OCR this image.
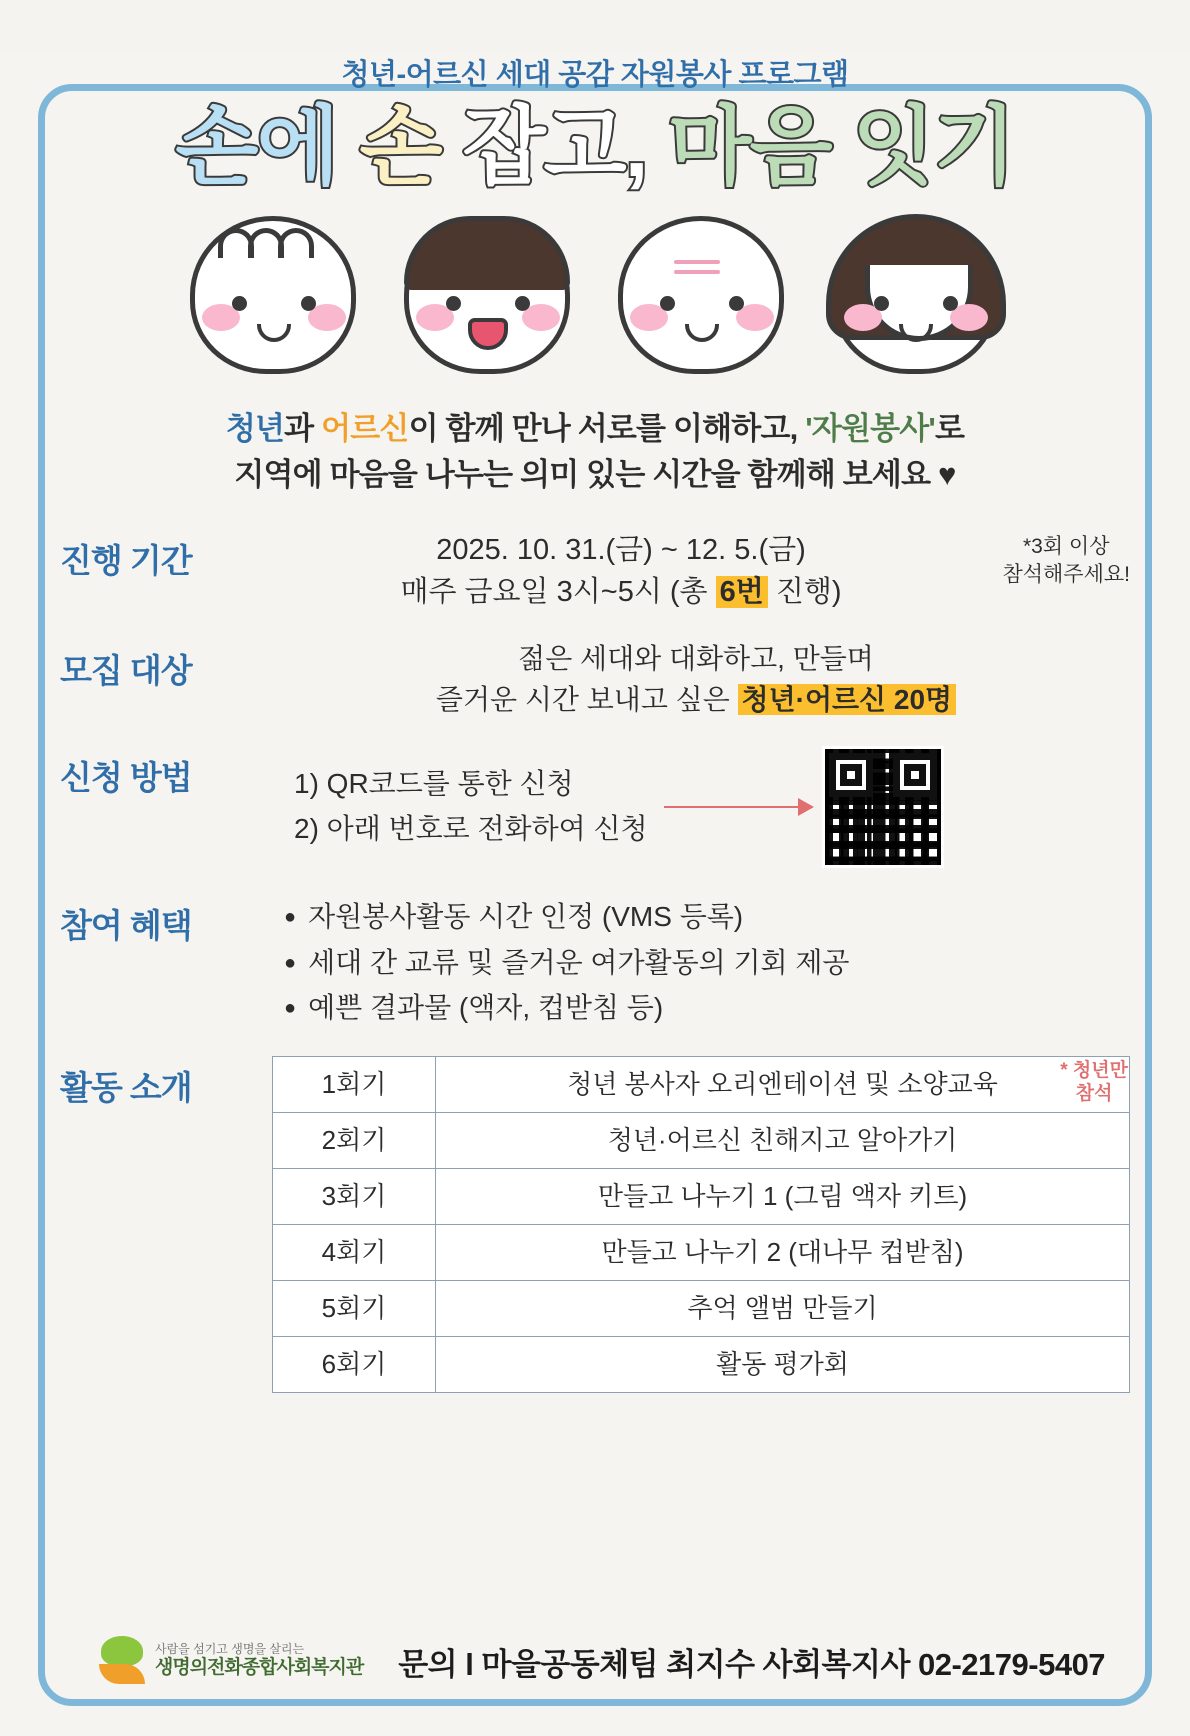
청년-어르신 세대 공감 자원봉사 프로그램
손에 손 잡고, 마음 잇기
청년과 어르신이 함께 만나 서로를 이해하고, '자원봉사'로
지역에 마음을 나누는 의미 있는 시간을 함께해 보세요 ♥
진행 기간	2025. 10. 31.(금) ~ 12. 5.(금)
매주 금요일 3시~5시 (총 6번 진행)
*3회 이상
참석해주세요!
모집 대상	젊은 세대와 대화하고, 만들며
즐거운 시간 보내고 싶은 청년·어르신 20명
신청 방법	1) QR코드를 통한 신청
2) 아래 번호로 전화하여 신청
참여 혜택	● 자원봉사활동 시간 인정 (VMS 등록)
● 세대 간 교류 및 즐거운 여가활동의 기회 제공
● 예쁜 결과물 (액자, 컵받침 등)
활동 소개	1회기	청년 봉사자 오리엔테이션 및 소양교육
2회기	청년·어르신 친해지고 알아가기
3회기	만들고 나누기 1 (그림 액자 키트)
4회기	만들고 나누기 2 (대나무 컵받침)
5회기	추억 앨범 만들기
6회기	활동 평가회
* 청년만
참석
사람을 섬기고 생명을 살리는
생명의전화종합사회복지관	문의 l 마을공동체팀 최지수 사회복지사 02-2179-5407
